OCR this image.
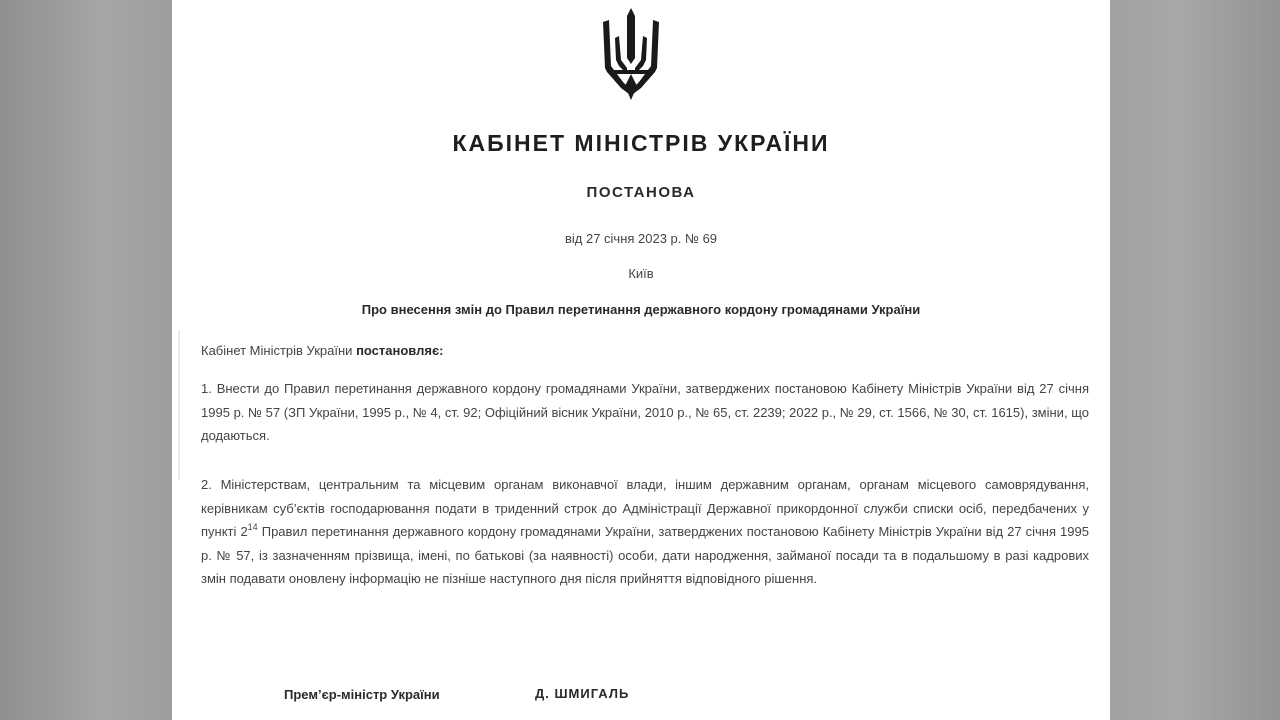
КАБІНЕТ МІНІСТРІВ УКРАЇНИ
ПОСТАНОВА
від 27 січня 2023 р. № 69
Київ
Про внесення змін до Правил перетинання державного кордону громадянами України
Кабінет Міністрів України постановляє:
1. Внести до Правил перетинання державного кордону громадянами України, затверджених постановою Кабінету Міністрів України від 27 січня 1995 р. № 57 (ЗП України, 1995 р., № 4, ст. 92; Офіційний вісник України, 2010 р., № 65, ст. 2239; 2022 р., № 29, ст. 1566, № 30, ст. 1615), зміни, що додаються.
2. Міністерствам, центральним та місцевим органам виконавчої влади, іншим державним органам, органам місцевого самоврядування, керівникам суб’єктів господарювання подати в триденний строк до Адміністрації Державної прикордонної служби списки осіб, передбачених у пункті $2^{14}$ Правил перетинання державного кордону громадянами України, затверджених постановою Кабінету Міністрів України від 27 січня 1995 р. № 57, із зазначенням прізвища, імені, по батькові (за наявності) особи, дати народження, займаної посади та в подальшому в разі кадрових змін подавати оновлену інформацію не пізніше наступного дня після прийняття відповідного рішення.
Прем’єр-міністр України	Д. ШМИГАЛЬ
